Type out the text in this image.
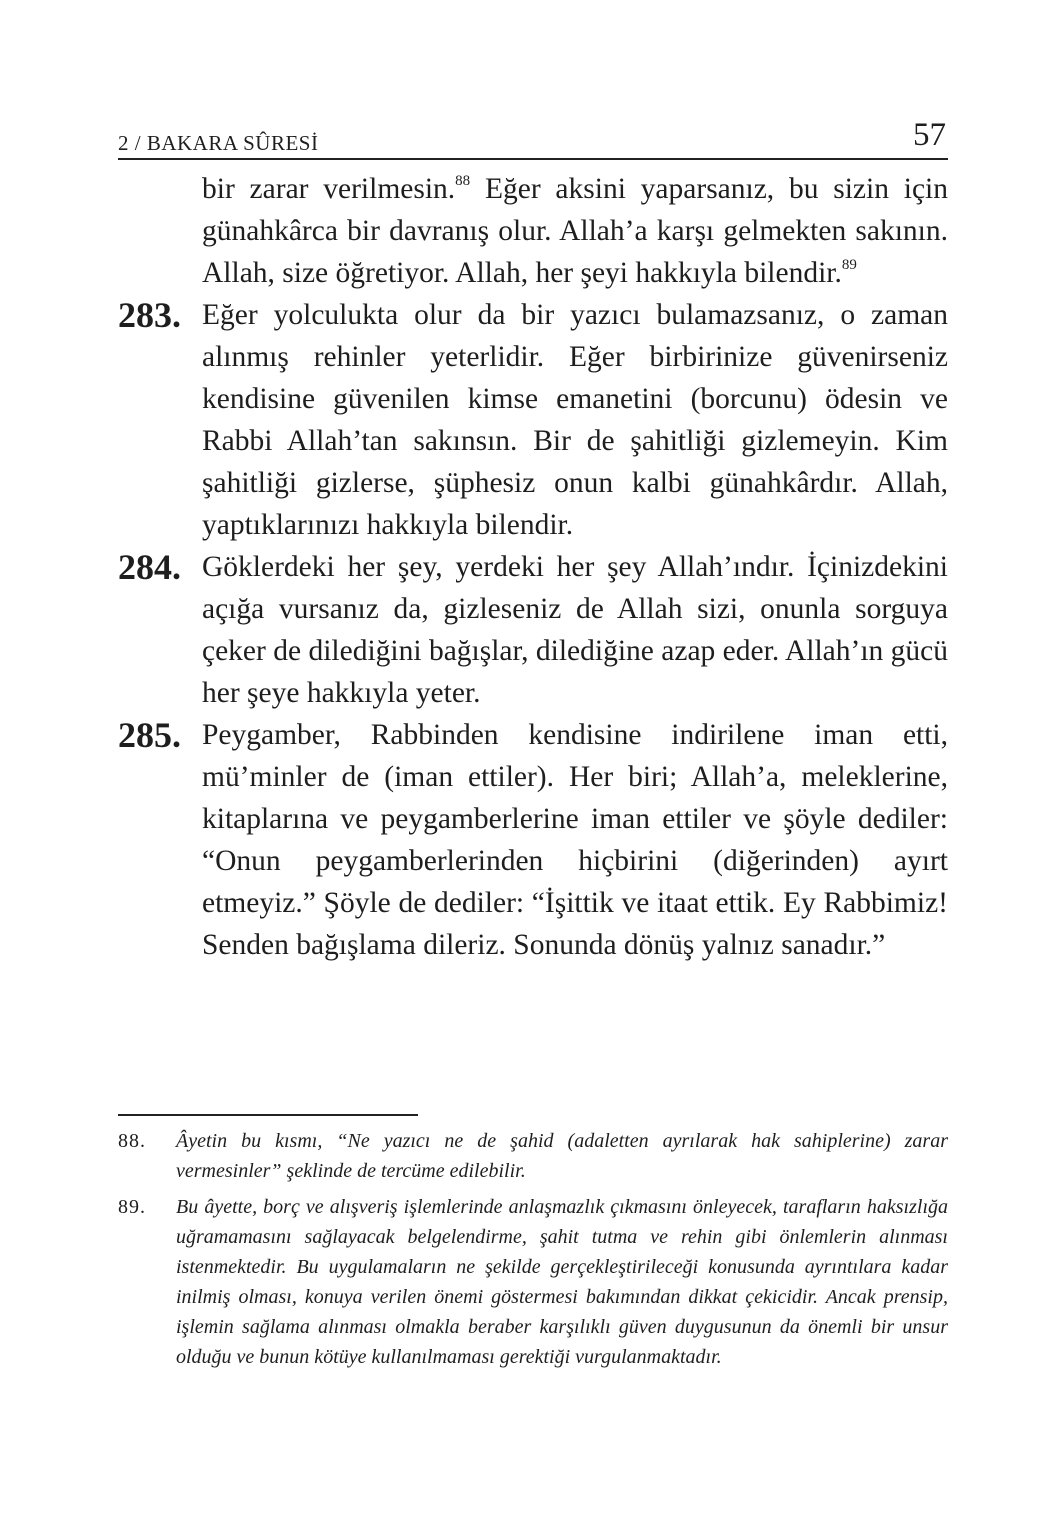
2 / BAKARA SÛRESİ	57
bir zarar verilmesin.$^{88}$ Eğer aksini yaparsanız, bu sizin için günahkârca bir davranış olur. Allah’a karşı gelmekten sakının. Allah, size öğretiyor. Allah, her şeyi hakkıyla bilendir.$^{89}$
283. Eğer yolculukta olur da bir yazıcı bulamazsanız, o zaman alınmış rehinler yeterlidir. Eğer birbirinize güvenirseniz kendisine güvenilen kimse emanetini (borcunu) ödesin ve Rabbi Allah’tan sakınsın. Bir de şahitliği gizlemeyin. Kim şahitliği gizlerse, şüphesiz onun kalbi günahkârdır. Allah, yaptıklarınızı hakkıyla bilendir.
284. Göklerdeki her şey, yerdeki her şey Allah’ındır. İçinizdekini açığa vursanız da, gizleseniz de Allah sizi, onunla sorguya çeker de dilediğini bağışlar, dilediğine azap eder. Allah’ın gücü her şeye hakkıyla yeter.
285. Peygamber, Rabbinden kendisine indirilene iman etti, mü’minler de (iman ettiler). Her biri; Allah’a, meleklerine, kitaplarına ve peygamberlerine iman ettiler ve şöyle dediler: “Onun peygamberlerinden hiçbirini (diğerinden) ayırt etmeyiz.” Şöyle de dediler: “İşittik ve itaat ettik. Ey Rabbimiz! Senden bağışlama dileriz. Sonunda dönüş yalnız sanadır.”
88. Âyetin bu kısmı, “Ne yazıcı ne de şahid (adaletten ayrılarak hak sahiplerine) zarar vermesinler” şeklinde de tercüme edilebilir.
89. Bu âyette, borç ve alışveriş işlemlerinde anlaşmazlık çıkmasını önleyecek, tarafların haksızlığa uğramamasını sağlayacak belgelendirme, şahit tutma ve rehin gibi önlemlerin alınması istenmektedir. Bu uygulamaların ne şekilde gerçekleştirileceği konusunda ayrıntılara kadar inilmiş olması, konuya verilen önemi göstermesi bakımından dikkat çekicidir. Ancak prensip, işlemin sağlama alınması olmakla beraber karşılıklı güven duygusunun da önemli bir unsur olduğu ve bunun kötüye kullanılmaması gerektiği vurgulanmaktadır.
